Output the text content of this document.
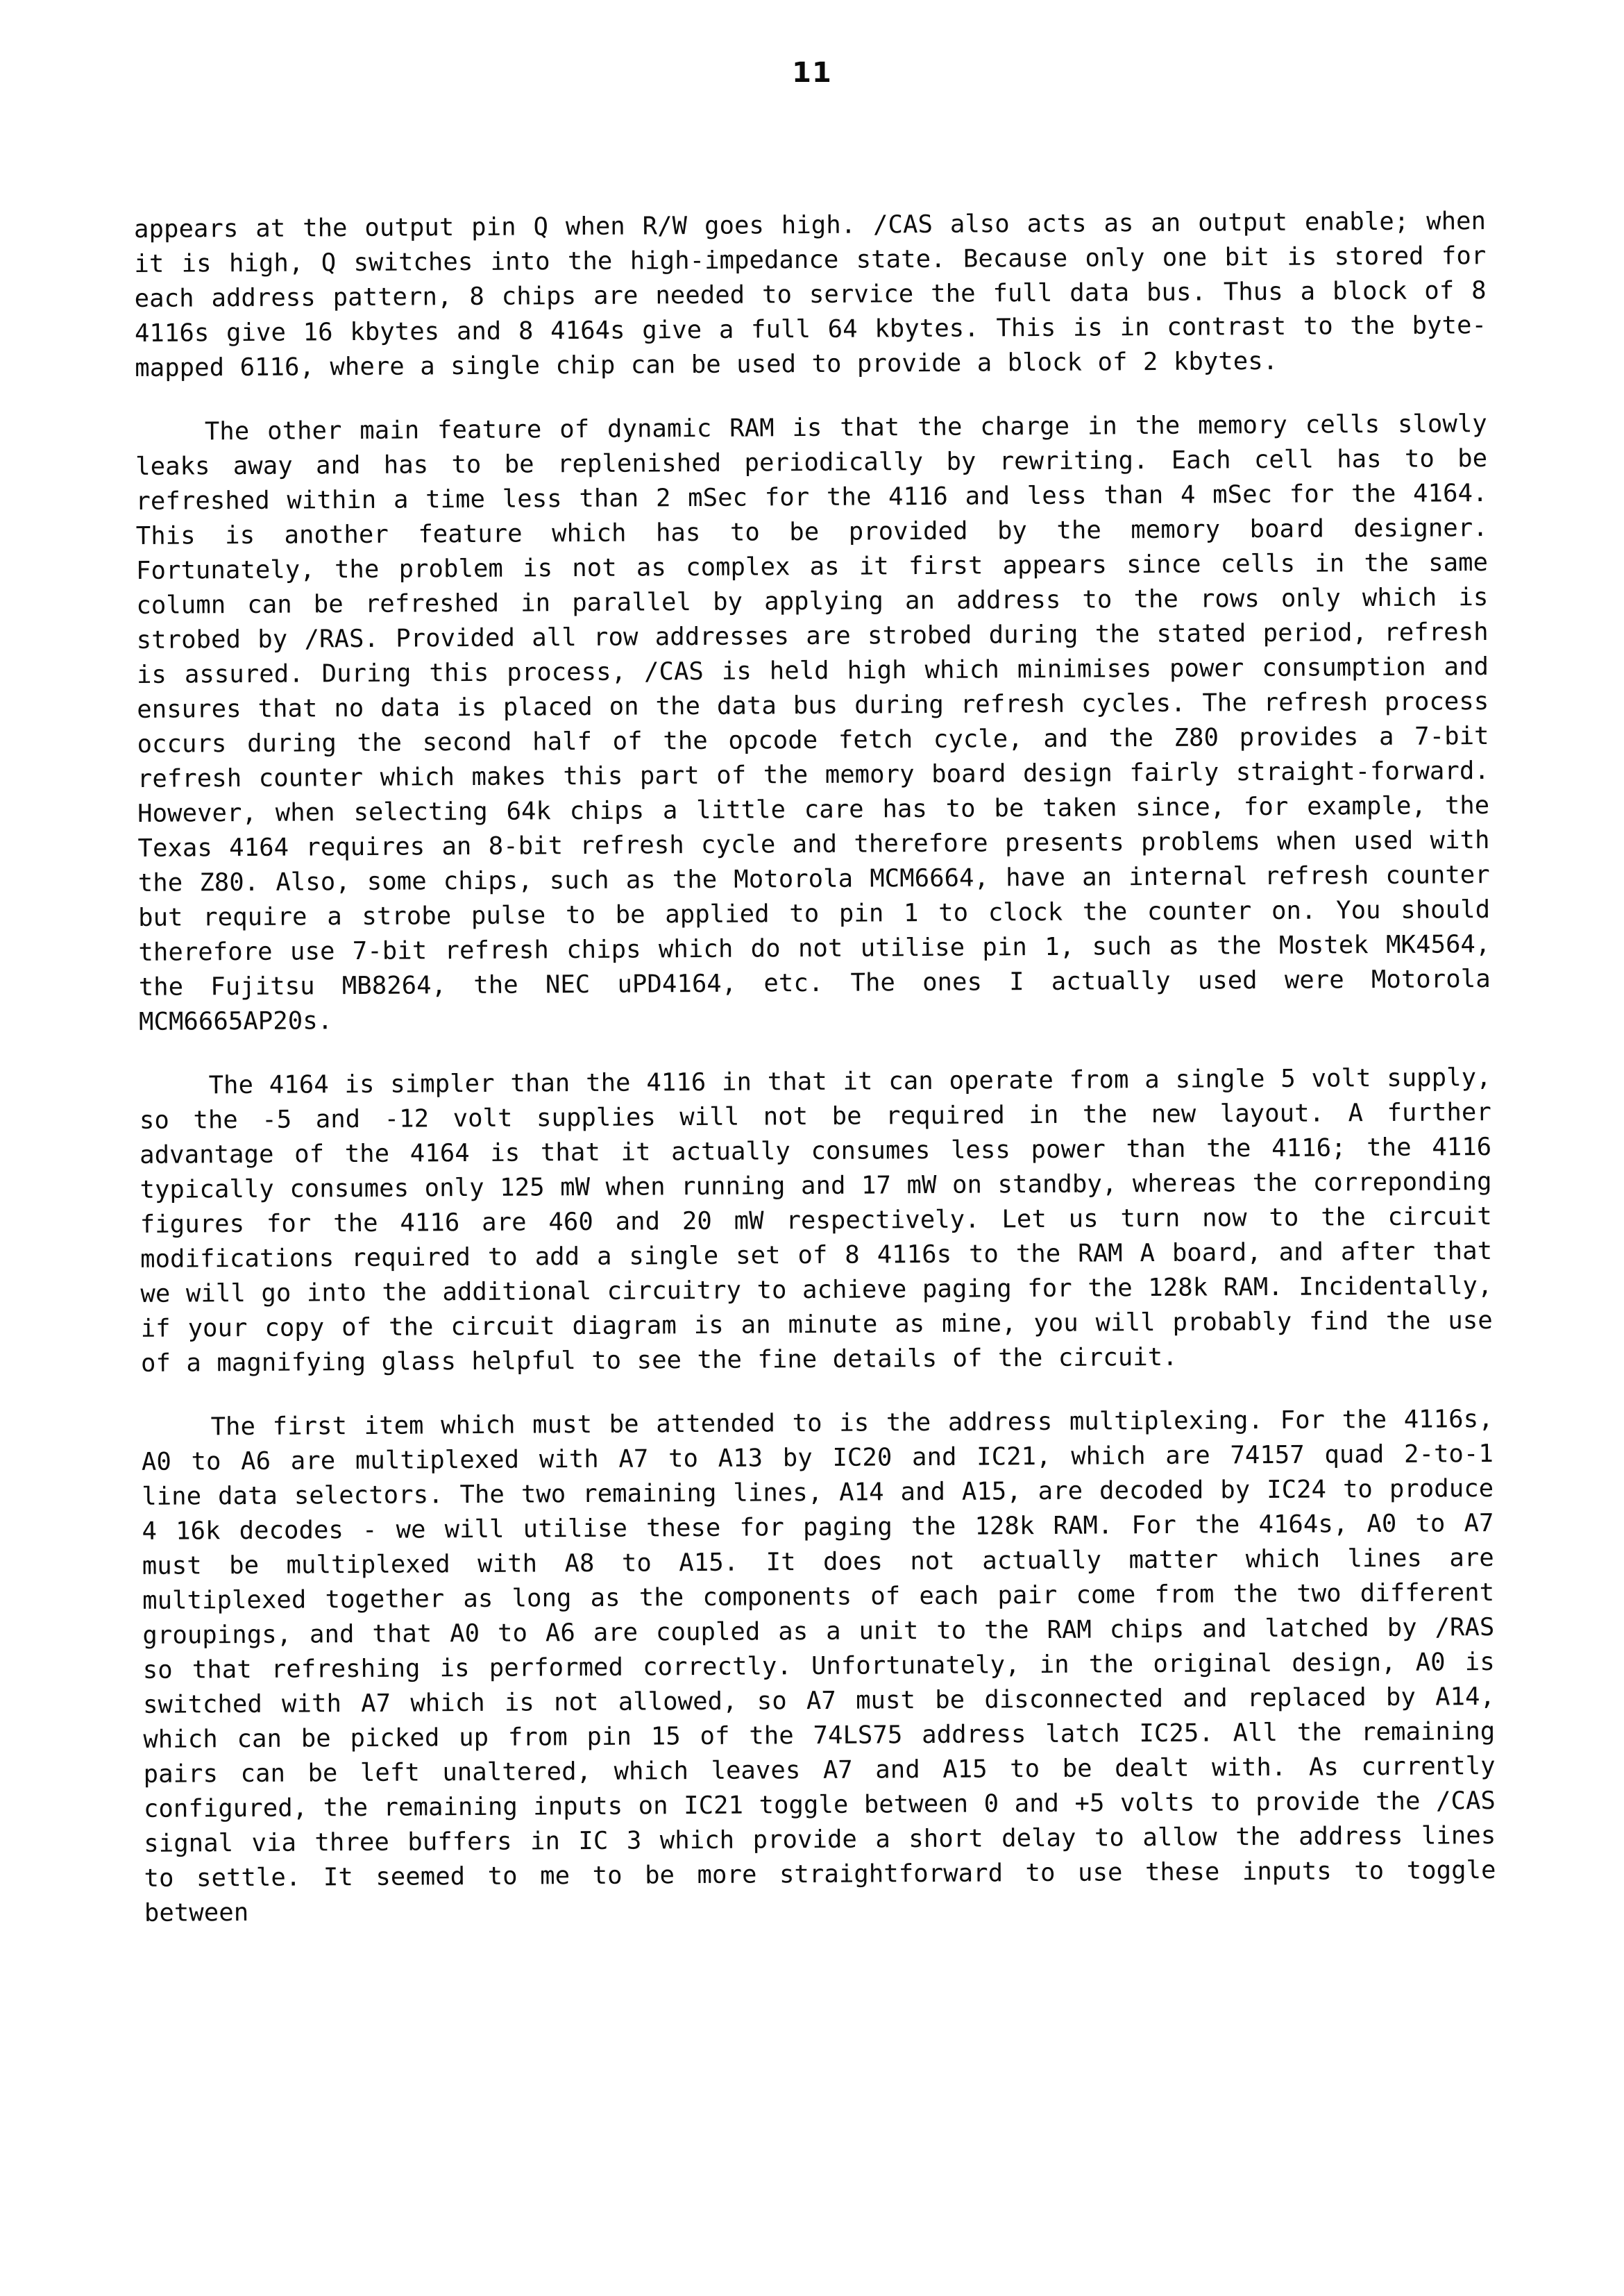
11

appears at the output pin Q when R/W goes high. /CAS also acts as an output enable; when it is high, Q switches into the high-impedance state. Because only one bit is stored for each address pattern, 8 chips are needed to service the full data bus. Thus a block of 8 4116s give 16 kbytes and 8 4164s give a full 64 kbytes. This is in contrast to the byte-mapped 6116, where a single chip can be used to provide a block of 2 kbytes.

The other main feature of dynamic RAM is that the charge in the memory cells slowly leaks away and has to be replenished periodically by rewriting. Each cell has to be refreshed within a time less than 2 mSec for the 4116 and less than 4 mSec for the 4164. This is another feature which has to be provided by the memory board designer. Fortunately, the problem is not as complex as it first appears since cells in the same column can be refreshed in parallel by applying an address to the rows only which is strobed by /RAS. Provided all row addresses are strobed during the stated period, refresh is assured. During this process, /CAS is held high which minimises power consumption and ensures that no data is placed on the data bus during refresh cycles. The refresh process occurs during the second half of the opcode fetch cycle, and the Z80 provides a 7-bit refresh counter which makes this part of the memory board design fairly straight-forward. However, when selecting 64k chips a little care has to be taken since, for example, the Texas 4164 requires an 8-bit refresh cycle and therefore presents problems when used with the Z80. Also, some chips, such as the Motorola MCM6664, have an internal refresh counter but require a strobe pulse to be applied to pin 1 to clock the counter on. You should therefore use 7-bit refresh chips which do not utilise pin 1, such as the Mostek MK4564, the Fujitsu MB8264, the NEC uPD4164, etc. The ones I actually used were Motorola MCM6665AP20s.

The 4164 is simpler than the 4116 in that it can operate from a single 5 volt supply, so the -5 and -12 volt supplies will not be required in the new layout. A further advantage of the 4164 is that it actually consumes less power than the 4116; the 4116 typically consumes only 125 mW when running and 17 mW on standby, whereas the correponding figures for the 4116 are 460 and 20 mW respectively. Let us turn now to the circuit modifications required to add a single set of 8 4116s to the RAM A board, and after that we will go into the additional circuitry to achieve paging for the 128k RAM. Incidentally, if your copy of the circuit diagram is an minute as mine, you will probably find the use of a magnifying glass helpful to see the fine details of the circuit.

The first item which must be attended to is the address multiplexing. For the 4116s, A0 to A6 are multiplexed with A7 to A13 by IC20 and IC21, which are 74157 quad 2-to-1 line data selectors. The two remaining lines, A14 and A15, are decoded by IC24 to produce 4 16k decodes - we will utilise these for paging the 128k RAM. For the 4164s, A0 to A7 must be multiplexed with A8 to A15. It does not actually matter which lines are multiplexed together as long as the components of each pair come from the two different groupings, and that A0 to A6 are coupled as a unit to the RAM chips and latched by /RAS so that refreshing is performed correctly. Unfortunately, in the original design, A0 is switched with A7 which is not allowed, so A7 must be disconnected and replaced by A14, which can be picked up from pin 15 of the 74LS75 address latch IC25. All the remaining pairs can be left unaltered, which leaves A7 and A15 to be dealt with. As currently configured, the remaining inputs on IC21 toggle between 0 and +5 volts to provide the /CAS signal via three buffers in IC 3 which provide a short delay to allow the address lines to settle. It seemed to me to be more straightforward to use these inputs to toggle between
